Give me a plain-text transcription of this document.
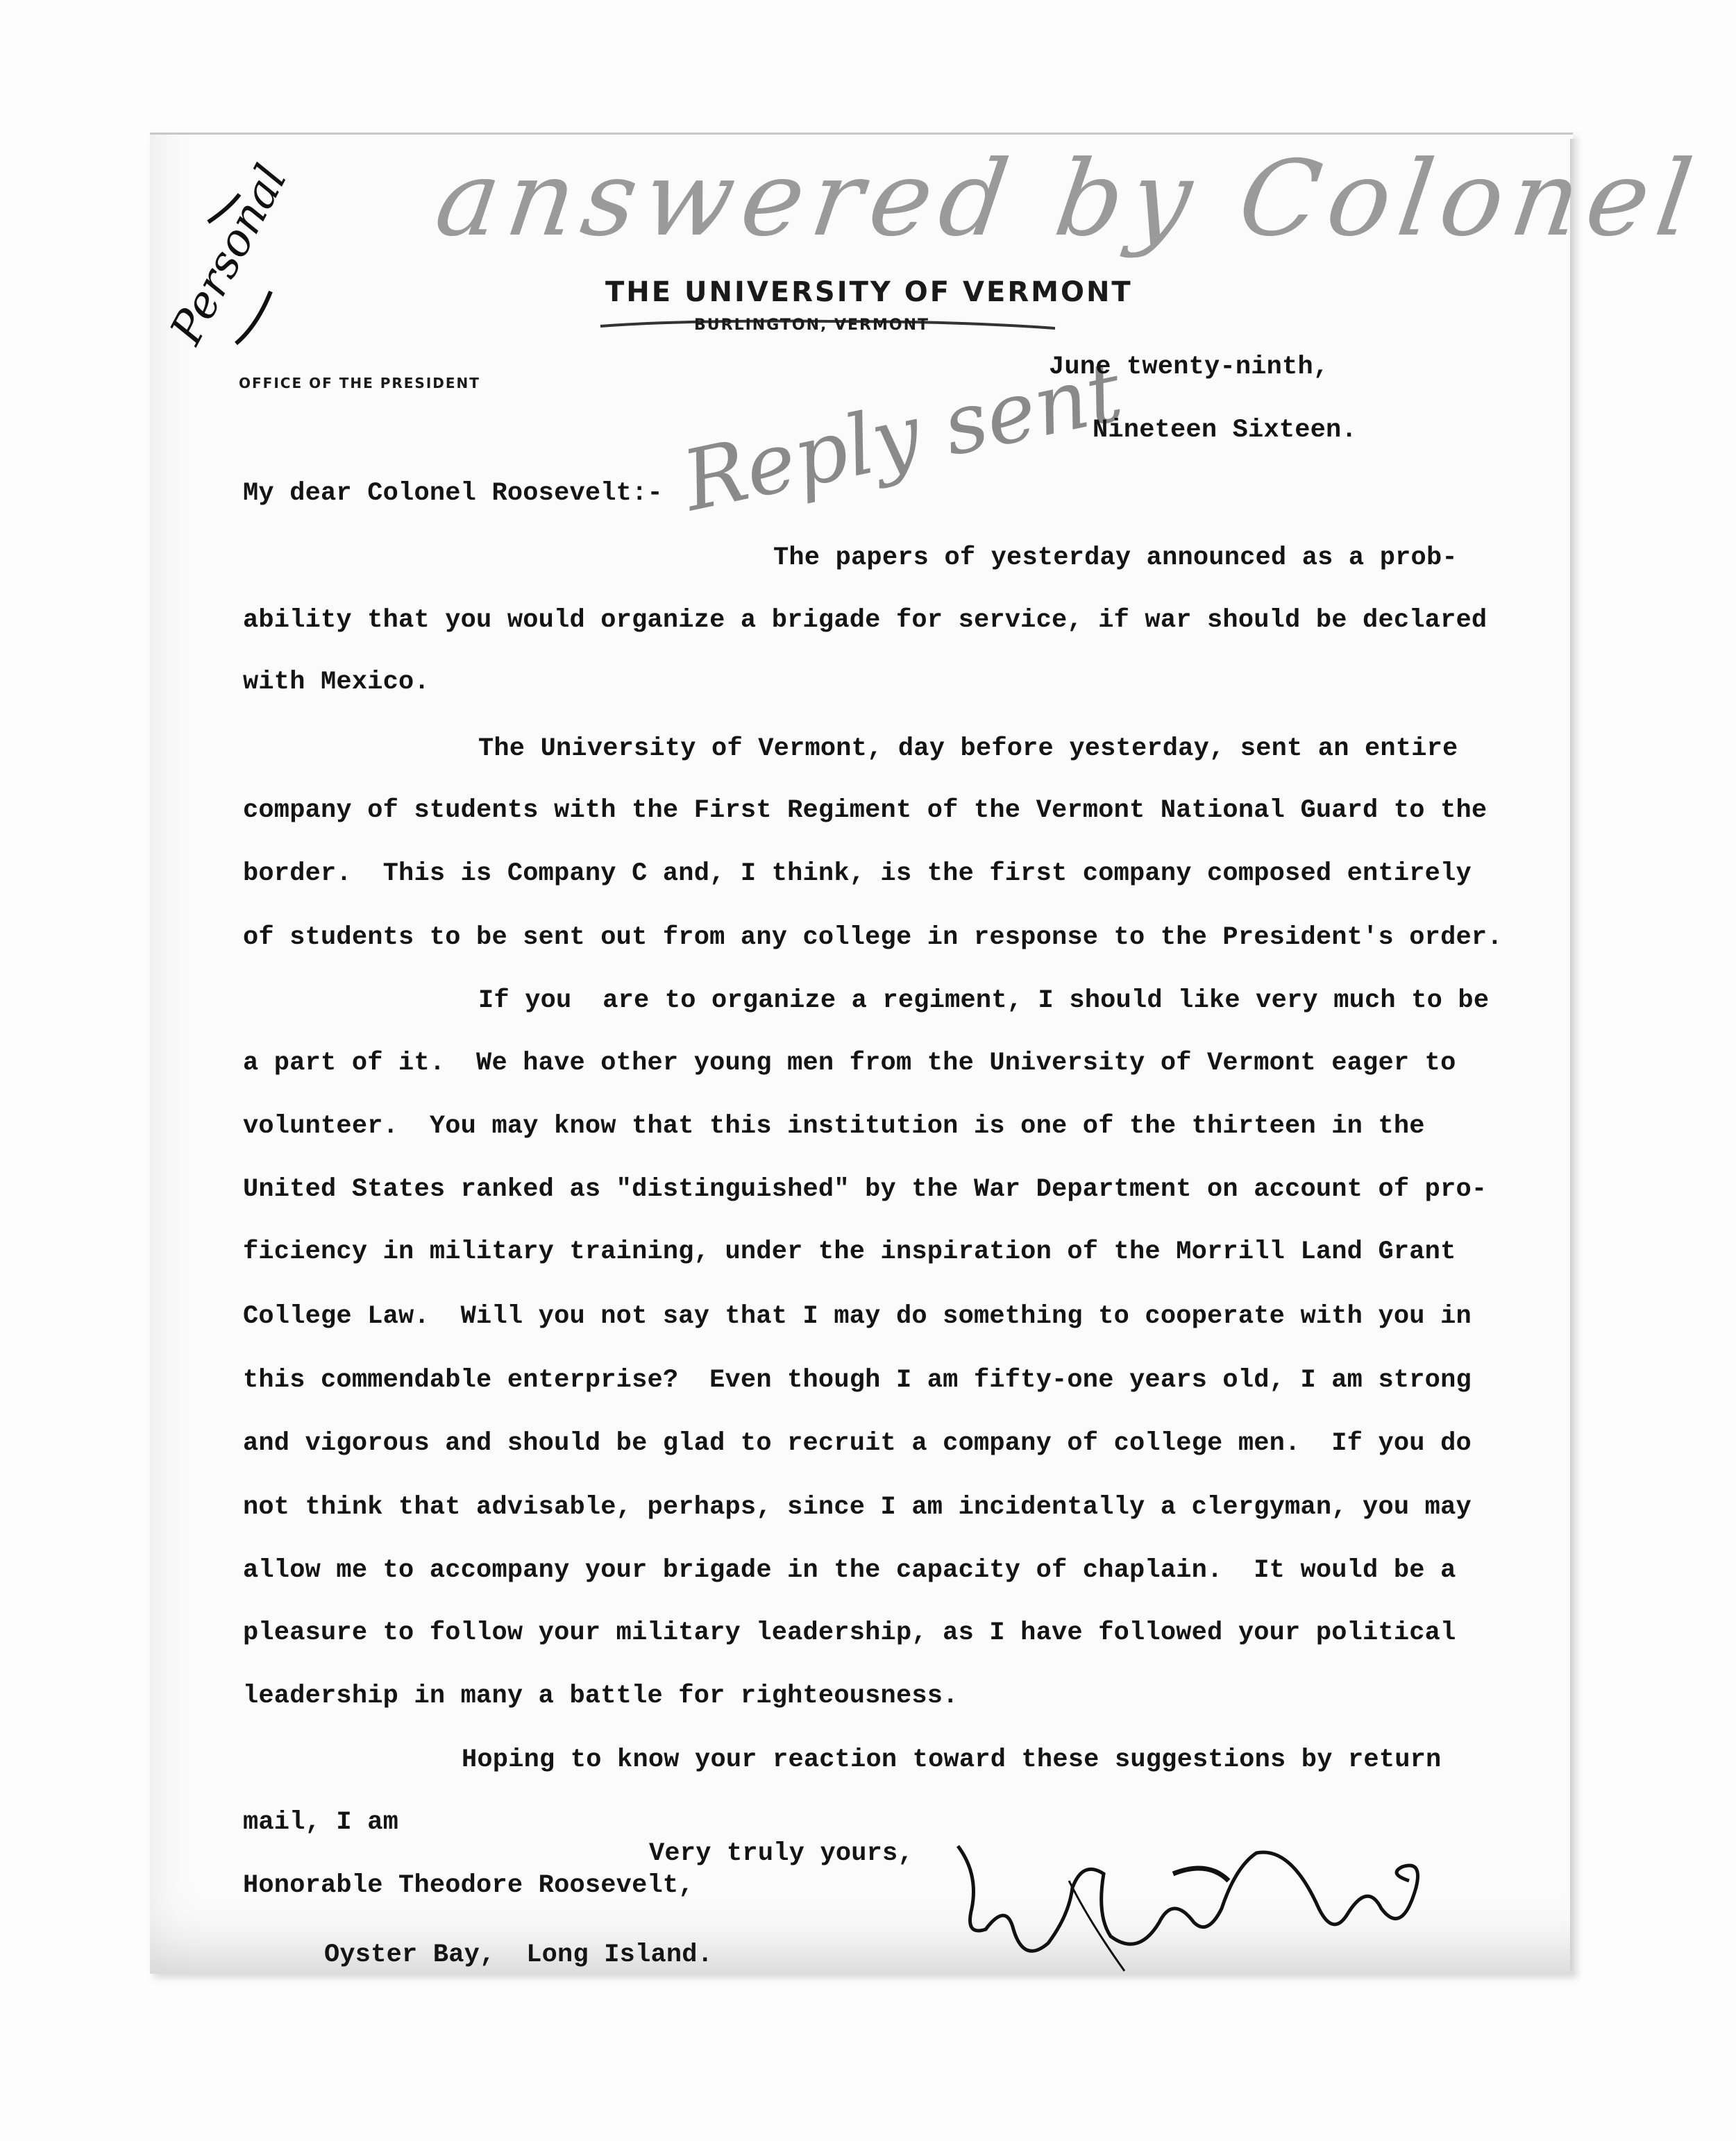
answered by Colonel
Personal
Reply sent
THE UNIVERSITY OF VERMONT
BURLINGTON, VERMONT
OFFICE OF THE PRESIDENT
June twenty-ninth,
Nineteen Sixteen.
My dear Colonel Roosevelt:-
The papers of yesterday announced as a prob-
ability that you would organize a brigade for service, if war should be declared
with Mexico.
The University of Vermont, day before yesterday, sent an entire
company of students with the First Regiment of the Vermont National Guard to the
border.  This is Company C and, I think, is the first company composed entirely
of students to be sent out from any college in response to the President's order.
If you  are to organize a regiment, I should like very much to be
a part of it.  We have other young men from the University of Vermont eager to
volunteer.  You may know that this institution is one of the thirteen in the
United States ranked as "distinguished" by the War Department on account of pro-
ficiency in military training, under the inspiration of the Morrill Land Grant
College Law.  Will you not say that I may do something to cooperate with you in
this commendable enterprise?  Even though I am fifty-one years old, I am strong
and vigorous and should be glad to recruit a company of college men.  If you do
not think that advisable, perhaps, since I am incidentally a clergyman, you may
allow me to accompany your brigade in the capacity of chaplain.  It would be a
pleasure to follow your military leadership, as I have followed your political
leadership in many a battle for righteousness.
Hoping to know your reaction toward these suggestions by return
mail, I am
Very truly yours,
Honorable Theodore Roosevelt,
Oyster Bay,  Long Island.
